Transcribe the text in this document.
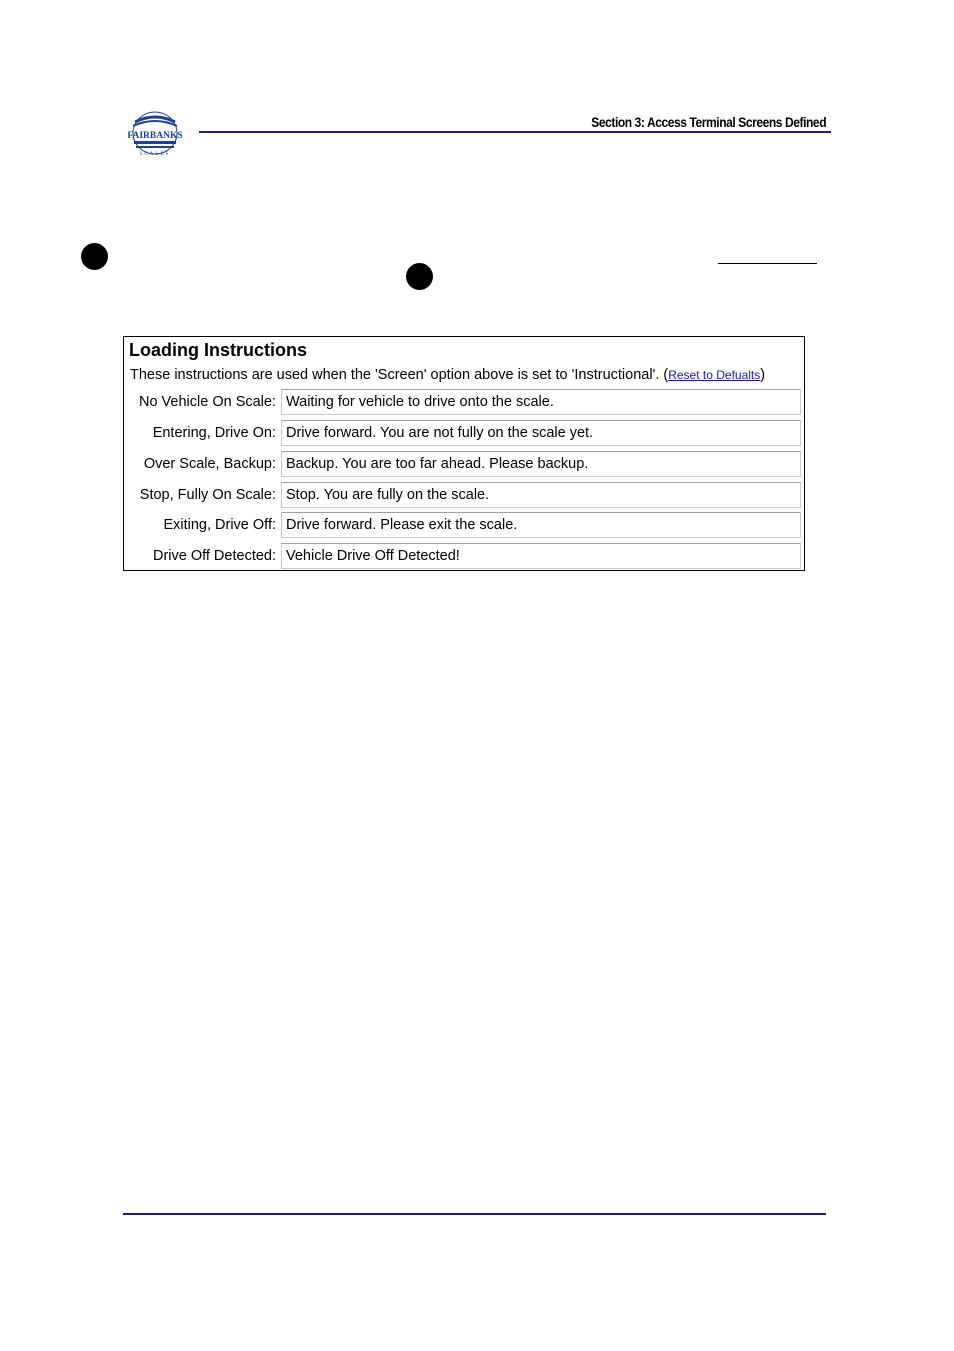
FAIRBANKS
SCALES
Section 3: Access Terminal Screens Defined
Loading Instructions
These instructions are used when the 'Screen' option above is set to 'Instructional'. (Reset to Defualts)
No Vehicle On Scale: Waiting for vehicle to drive onto the scale.
Entering, Drive On: Drive forward. You are not fully on the scale yet.
Over Scale, Backup: Backup. You are too far ahead. Please backup.
Stop, Fully On Scale: Stop. You are fully on the scale.
Exiting, Drive Off: Drive forward. Please exit the scale.
Drive Off Detected: Vehicle Drive Off Detected!
